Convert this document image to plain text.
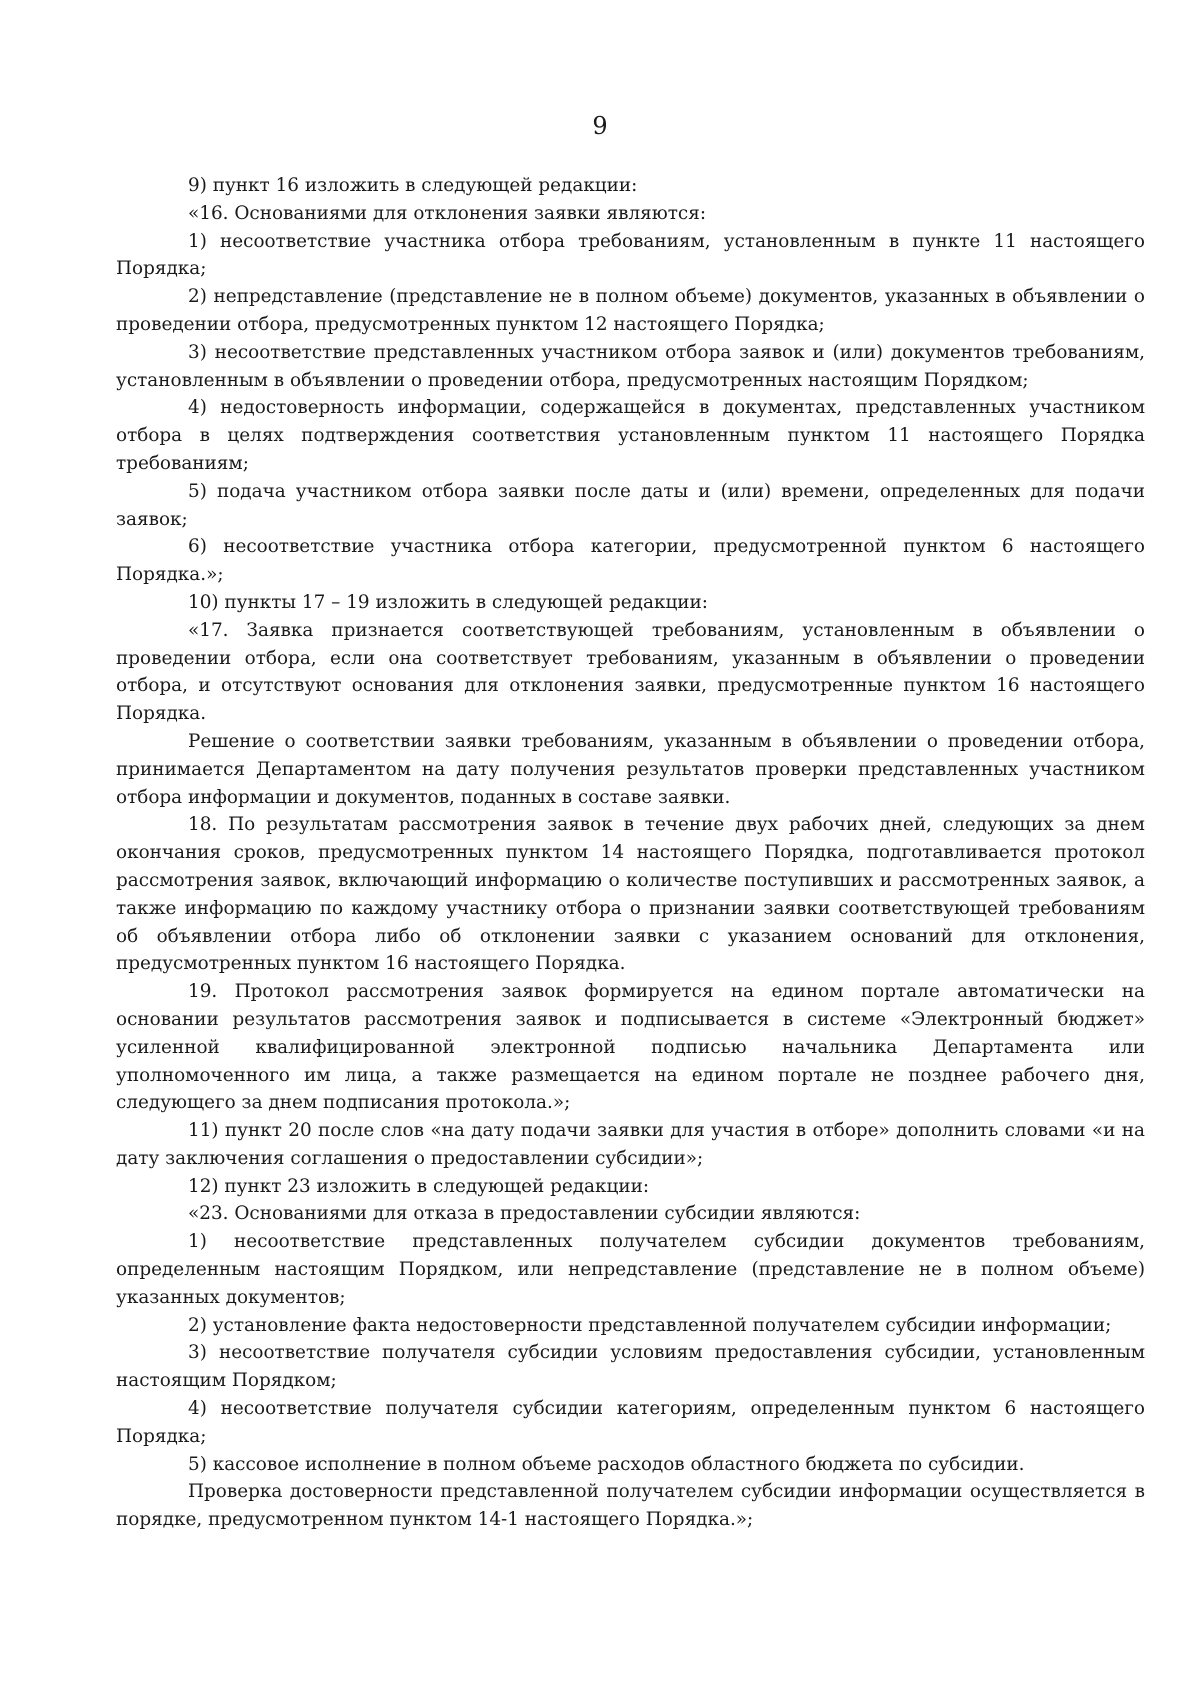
9

9) пункт 16 изложить в следующей редакции:

«16. Основаниями для отклонения заявки являются:

1) несоответствие участника отбора требованиям, установленным в пункте 11 настоящего Порядка;

2) непредставление (представление не в полном объеме) документов, указанных в объявлении о проведении отбора, предусмотренных пунктом 12 настоящего Порядка;

3) несоответствие представленных участником отбора заявок и (или) документов требованиям, установленным в объявлении о проведении отбора, предусмотренных настоящим Порядком;

4) недостоверность информации, содержащейся в документах, представленных участником отбора в целях подтверждения соответствия установленным пунктом 11 настоящего Порядка требованиям;

5) подача участником отбора заявки после даты и (или) времени, определенных для подачи заявок;

6) несоответствие участника отбора категории, предусмотренной пунктом 6 настоящего Порядка.»;

10) пункты 17 – 19 изложить в следующей редакции:

«17. Заявка признается соответствующей требованиям, установленным в объявлении о проведении отбора, если она соответствует требованиям, указанным в объявлении о проведении отбора, и отсутствуют основания для отклонения заявки, предусмотренные пунктом 16 настоящего Порядка.

Решение о соответствии заявки требованиям, указанным в объявлении о проведении отбора, принимается Департаментом на дату получения результатов проверки представленных участником отбора информации и документов, поданных в составе заявки.

18. По результатам рассмотрения заявок в течение двух рабочих дней, следующих за днем окончания сроков, предусмотренных пунктом 14 настоящего Порядка, подготавливается протокол рассмотрения заявок, включающий информацию о количестве поступивших и рассмотренных заявок, а также информацию по каждому участнику отбора о признании заявки соответствующей требованиям об объявлении отбора либо об отклонении заявки с указанием оснований для отклонения, предусмотренных пунктом 16 настоящего Порядка.

19. Протокол рассмотрения заявок формируется на едином портале автоматически на основании результатов рассмотрения заявок и подписывается в системе «Электронный бюджет» усиленной квалифицированной электронной подписью начальника Департамента или уполномоченного им лица, а также размещается на едином портале не позднее рабочего дня, следующего за днем подписания протокола.»;

11) пункт 20 после слов «на дату подачи заявки для участия в отборе» дополнить словами «и на дату заключения соглашения о предоставлении субсидии»;

12) пункт 23 изложить в следующей редакции:

«23. Основаниями для отказа в предоставлении субсидии являются:

1) несоответствие представленных получателем субсидии документов требованиям, определенным настоящим Порядком, или непредставление (представление не в полном объеме) указанных документов;

2) установление факта недостоверности представленной получателем субсидии информации;

3) несоответствие получателя субсидии условиям предоставления субсидии, установленным настоящим Порядком;

4) несоответствие получателя субсидии категориям, определенным пунктом 6 настоящего Порядка;

5) кассовое исполнение в полном объеме расходов областного бюджета по субсидии.

Проверка достоверности представленной получателем субсидии информации осуществляется в порядке, предусмотренном пунктом 14-1 настоящего Порядка.»;
